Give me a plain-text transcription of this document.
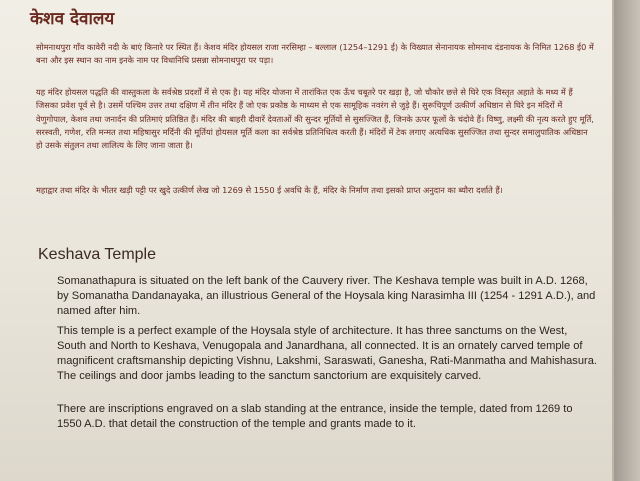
केशव देवालय

सोमनाथपुरा गाँव कावेरी नदी के बाएं किनारे पर स्थित हैं। केशव मंदिर होयसल राजा नरसिम्हा – बल्लाल (1254–1291 ई) के विख्यात सेनानायक सोमनाथ दंडनायक के निमित 1268 ई0 में बना और इस स्थान का नाम इनके नाम पर विधानिधि प्रसन्ना सोमनाथपुरा पर पड़ा।

यह मंदिर होयसल पद्धति की वास्तुकला के सर्वश्रेष्ठ प्रदर्शों में से एक है। यह मंदिर योजना में तारांकित एक ऊँच चबूतरे पर खड़ा है, जो चौकोर छत्ते से घिरे एक विस्तृत अहाते के मध्य में हैं जिसका प्रवेश पूर्व से है। उसमें पश्चिम उत्तर तथा दक्षिण में तीन मंदिर हैं जो एक प्रकोष्ठ के माध्यम से एक सामूहिक नवरंग से जुड़े हैं। सुरूचिपूर्ण उत्कीर्ण अधिष्ठान से घिरे इन मंदिरों में वेणुगोपाल, केशव तथा जनार्दन की प्रतिमाएं प्रतिष्ठित हैं। मंदिर की बाहरी दीवारें देवताओं की सुन्दर मूर्तियों से सुसज्जित हैं, जिनके ऊपर फूलों के चंदोवे हैं। विष्णु, लक्ष्मी की नृत्य करते हुए मूर्ति, सरस्वती, गणेश, रति मन्मत तथा महिषासुर मर्दिनी की मूर्तियां होयसल मूर्ति कला का सर्वश्रेष्ठ प्रतिनिधित्व करती हैं। मंदिरों में टेक लगाए अत्यधिक सुसज्जित तथा सुन्दर समालुपातिक अधिष्ठान हो उसके संतुलन तथा लालित्य के लिए जाना जाता है।

महाद्वार तथा मंदिर के भीतर खड़ी पट्टी पर खुदे उत्कीर्ण लेख जो 1269 से 1550 ई अवधि के हैं, मंदिर के निर्माण तथा इसको प्राप्त अनुदान का ब्यौरा दर्शाते हैं।

Keshava Temple

Somanathapura is situated on the left bank of the Cauvery river. The Keshava temple was built in A.D. 1268, by Somanatha Dandanayaka, an illustrious General of the Hoysala king Narasimha III (1254 - 1291 A.D.), and named after him.

This temple is a perfect example of the Hoysala style of architecture. It has three sanctums on the West, South and North to Keshava, Venugopala and Janardhana, all connected. It is an ornately carved temple of magnificent craftsmanship depicting Vishnu, Lakshmi, Saraswati, Ganesha, Rati-Manmatha and Mahishasura. The ceilings and door jambs leading to the sanctum sanctorium are exquisitely carved.

There are inscriptions engraved on a slab standing at the entrance, inside the temple, dated from 1269 to 1550 A.D. that detail the construction of the temple and grants made to it.
